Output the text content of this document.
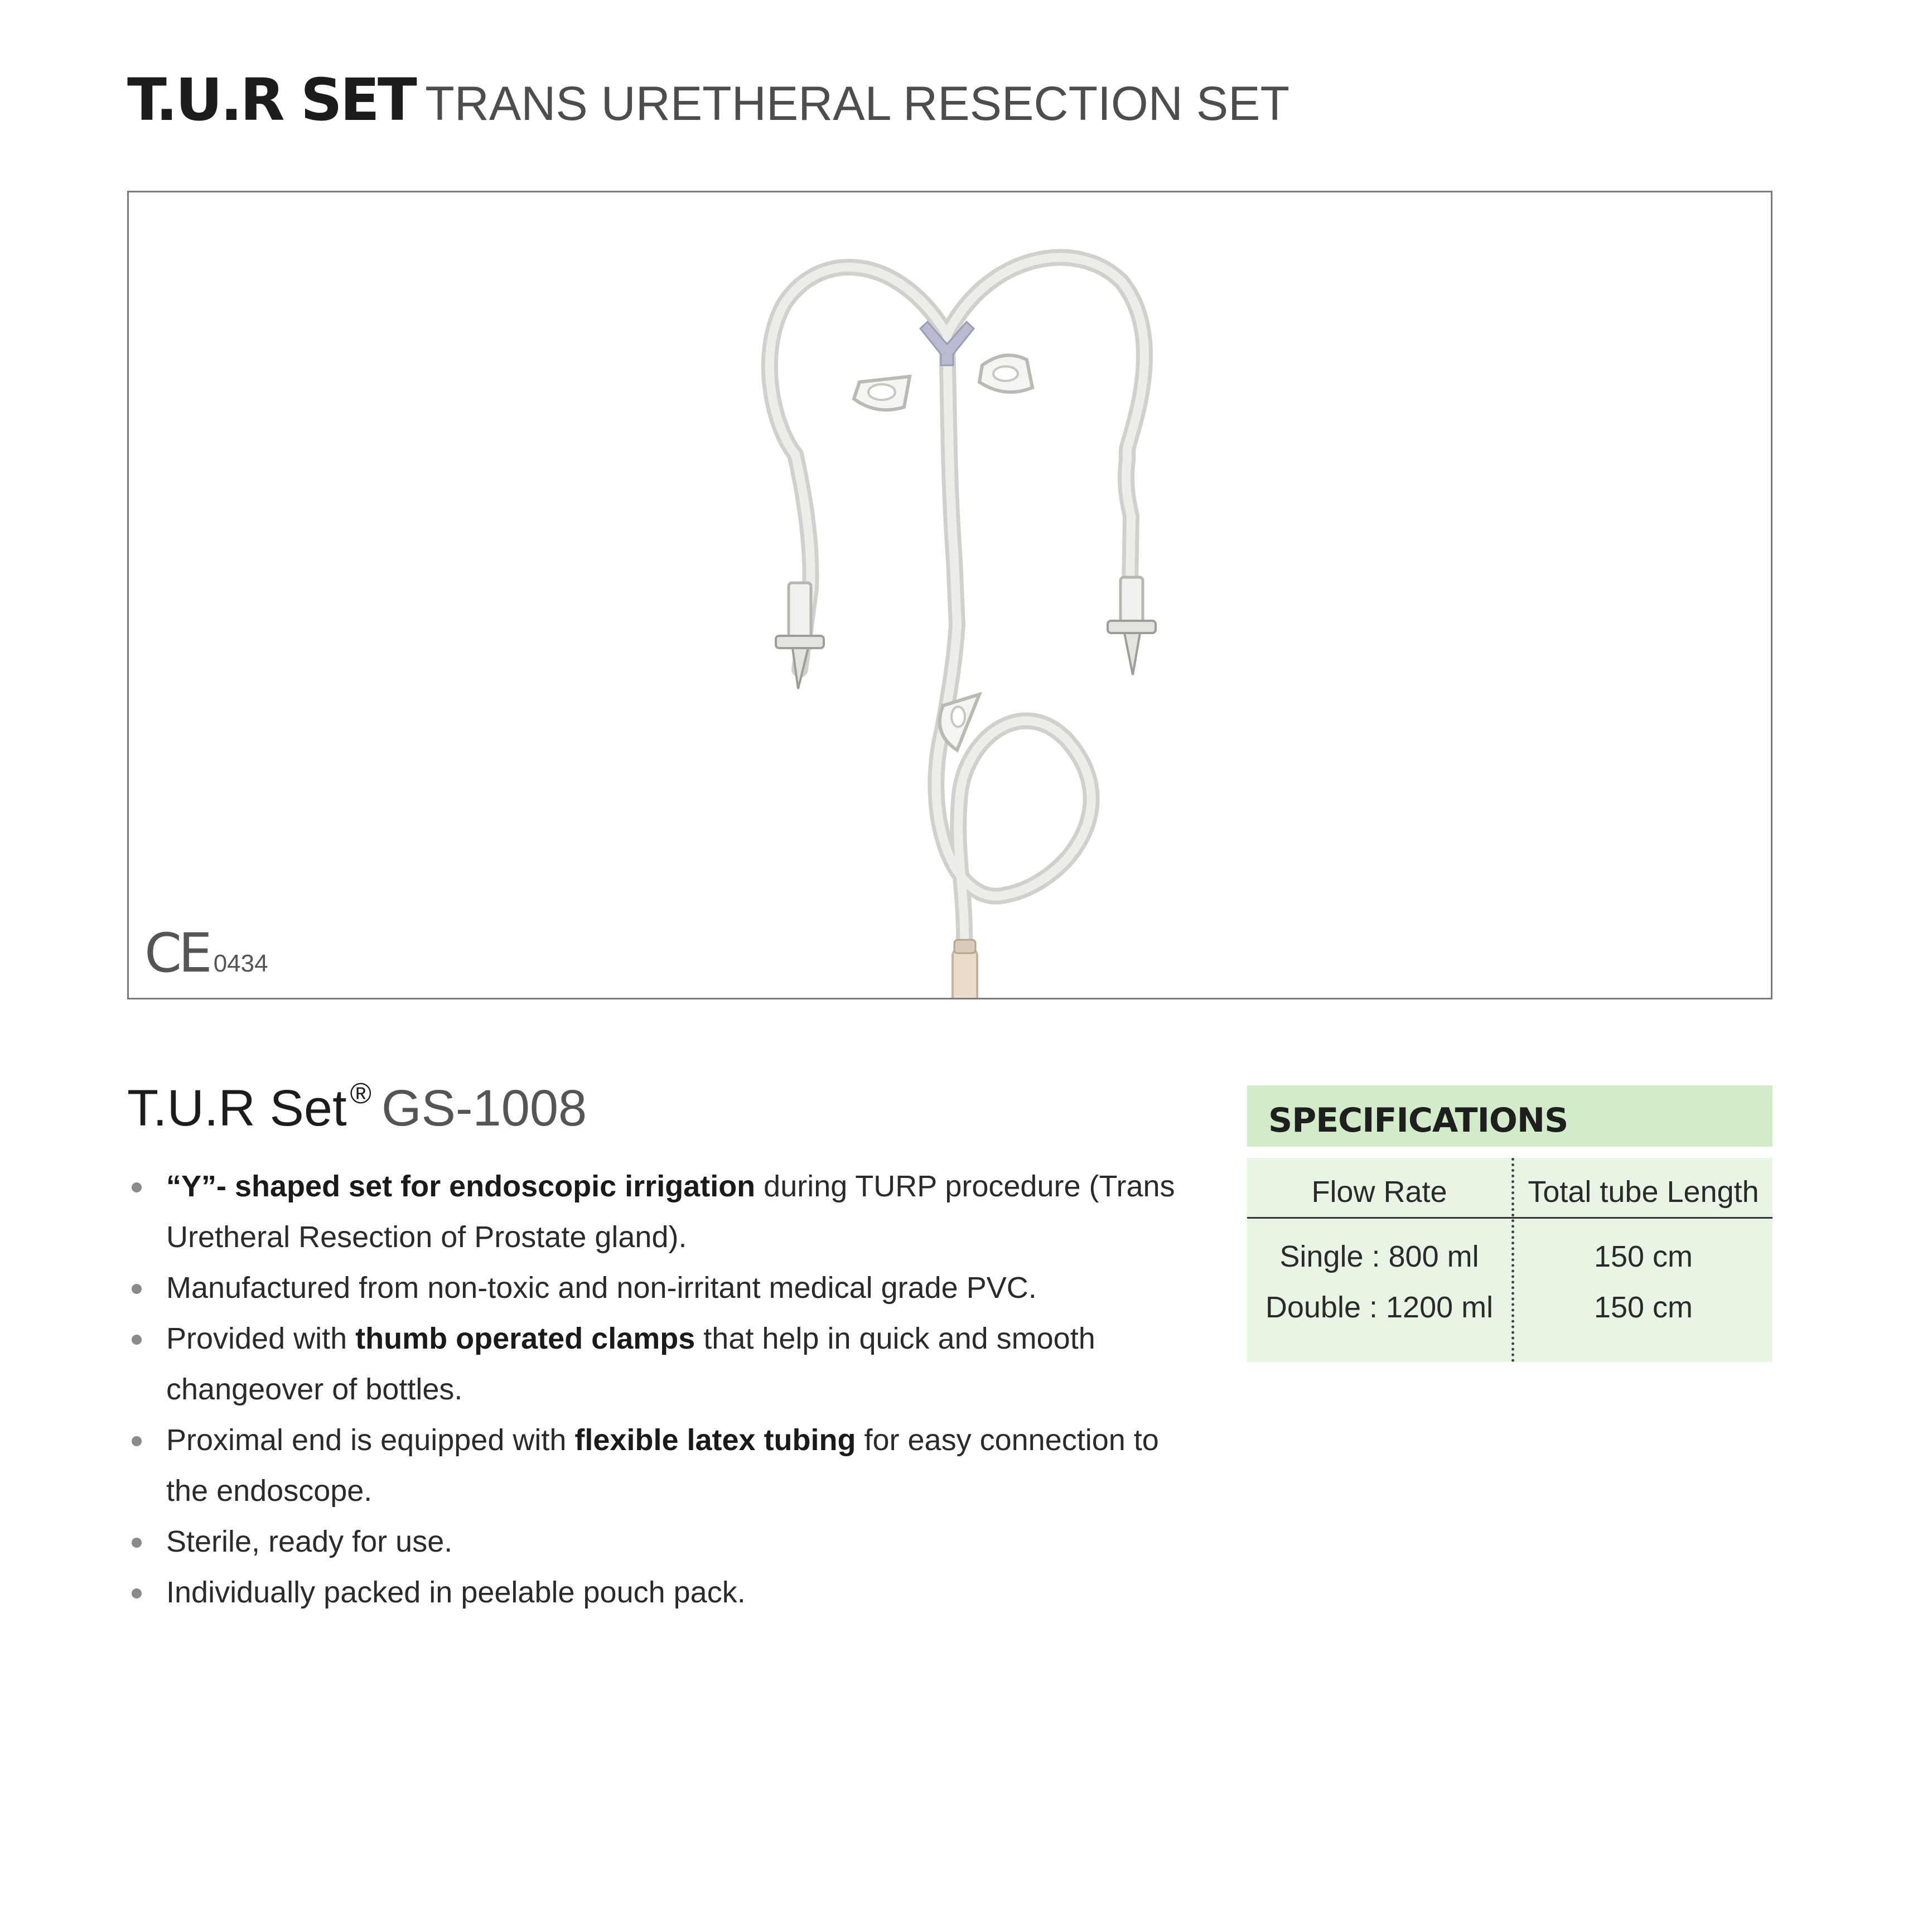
T.U.R SET TRANS URETHERAL RESECTION SET
CE 0434
T.U.R Set ® GS-1008
“Y”- shaped set for endoscopic irrigation during TURP procedure (Trans Uretheral Resection of Prostate gland).
Manufactured from non-toxic and non-irritant medical grade PVC.
Provided with thumb operated clamps that help in quick and smooth changeover of bottles.
Proximal end is equipped with flexible latex tubing for easy connection to the endoscope.
Sterile, ready for use.
Individually packed in peelable pouch pack.
SPECIFICATIONS
Flow Rate	Total tube Length
Single : 800 ml	150 cm
Double : 1200 ml	150 cm
